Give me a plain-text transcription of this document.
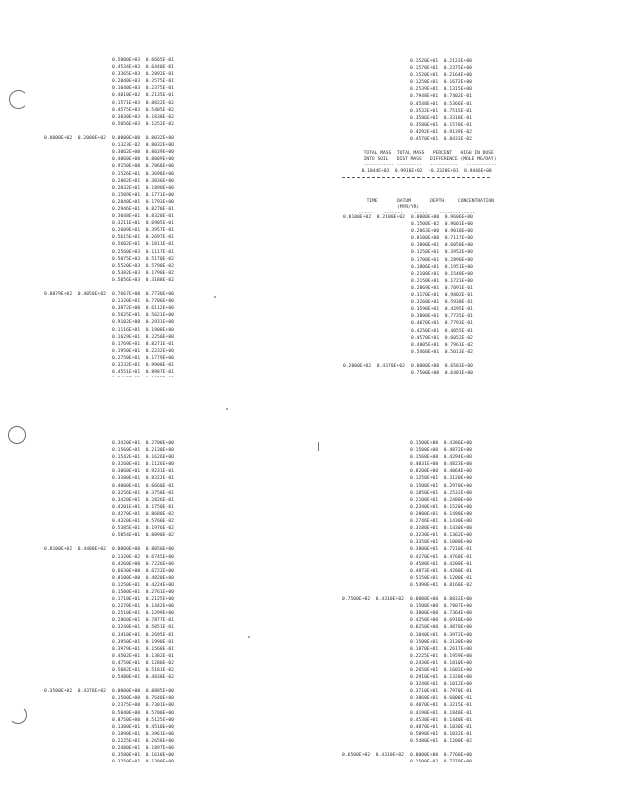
0.5000E+03  0.6665E-01
0.4534E+03  0.6440E-01
0.3365E+03  0.2892E-01
0.2040E+03  0.2575E-01
0.1040E+03  0.2375E-01
0.4010E+02  0.2135E-01
0.1571E+03  0.8822E-02
0.4575E+03  0.5405E-02
0.3030E+03  0.1830E-02
0.5056E+03  0.1252E-02
0.8000E+02  0.2000E+02 0.0000E+00  0.8032E+00
0.1323E-02  0.8032E+00
0.3062E+00  0.8039E+00
0.4060E+00  0.8009E+00
0.9150E+00  0.7868E+00
0.1526E+01  0.3698E+00
0.2002E+01  0.3036E+00
0.2032E+01  0.1890E+00
0.1509E+01  0.1771E+00
0.2040E+01  0.1793E+00
0.2946E+01  0.8270E-01
0.3048E+01  0.8320E-01
0.3211E+01  0.6905E-01
0.2609E+01  0.3957E-01
0.5615E+01  0.2697E-01
0.5602E+01  0.1811E-01
0.2560E+03  0.1117E-01
0.5075E+03  0.5170E-02
0.5520E+03  0.5790E-02
0.5382E+03  0.1790E-02
0.5056E+03  0.3188E-02
0.8079E+02  0.4050E+02 0.7667E+00  0.7730E+00
0.1320E+01  0.7706E+00
0.3872E+00  0.6112E+00
0.5625E+01  0.5621E+00
0.9102E+00  0.2931E+00
0.1116E+01  0.1908E+00
0.1629E+01  0.2250E+00
0.1769E+01  0.8271E-01
0.1950E+01  0.2232E+00
0.2750E+01  0.1779E+00
0.3232E+01  0.9900E-01
0.4551E+01  0.8987E-01
0.1520E+01  0.2122E+00
0.1570E+01  0.2375E+00
0.1520E+01  0.2164E+00
0.1250E+01  0.1672E+00
0.2539E+01  0.1315E+00
0.7948E+01  0.7402E-01
0.4548E+01  0.5366E-01
0.3532E+01  0.7515E-01
0.3586E+01  0.3318E-01
0.3580E+01  0.1570E-01
0.4292E+01  0.9139E-02
0.4570E+01  0.8433E-02

TOTAL MASS TOTAL MASS PERCENT HIGH IN DOSE

INTO SOIL DIST MASS DIFFERENCE (MOLE MG/DAY)

----------- --------- ---------- -----------

0.1044E+03 0.9916E+02 -0.3320E+01 0.9446E+00

TIME	DATUM	DEPTH	CONCENTRATION

(MYR/YR)

----- ------- ----- -------------

0.8100E+02  0.2100E+02 0.0000E+00  0.9606E+00
0.1500E-02  0.9601E+00
0.2063E+00  0.9010E+00
0.8100E+00  0.7117E+00
0.1000E+01  0.6050E+00
0.1250E+01  0.3952E+00
0.1700E+01  0.2890E+00
0.1806E+01  0.1951E+00
0.2100E+01  0.1540E+00
0.2150E+01  0.1721E+00
0.2869E+01  0.7091E-01
0.3170E+01  0.9802E-01
0.3260E+01  0.5930E-01
0.3590E+01  0.4295E-01
0.3800E+01  0.7735E-01
0.4070E+01  0.7793E-01
0.4250E+01  0.4055E-01
0.4570E+01  0.6052E-02
0.4805E+01  0.7961E-02
0.5460E+01  0.5013E-02
0.2000E+02  0.4370E+02 0.0000E+00  0.6583E+00
0.7500E+00  0.6401E+00
0.3420E+01  0.2700E+00
0.1560E+01  0.2130E+00
0.1542E+01  0.1626E+00
0.3260E+01  0.1126E+00
0.3060E+01  0.9231E-01
0.3380E+01  0.8322E-01
0.4000E+01  0.6660E-01
0.3256E+01  0.3750E-01
0.3420E+01  0.2826E-01
0.4201E+01  0.1750E-01
0.4270E+01  0.8680E-02
0.4320E+01  0.5760E-02
0.5385E+01  0.1976E-02
0.5054E+01  0.8890E-02
0.8100E+02  0.4480E+02 0.0000E+00  0.8050E+00
0.1320E-02  0.6745E+00
0.4260E+00  0.7226E+00
0.6630E+00  0.6722E+00
0.8100E+00  0.4820E+00
0.1250E+01  0.4224E+00
0.1500E+01  0.2761E+00
0.1710E+01  0.2125E+00
0.2270E+01  0.1442E+00
0.2510E+01  0.1299E+00
0.2860E+01  0.7877E-01
0.3240E+01  0.5051E-01
0.3410E+01  0.2695E-01
0.3950E+01  0.1990E-01
0.3979E+01  0.1560E-01
0.4502E+01  0.1382E-01
0.4750E+01  0.1280E-02
0.5082E+01  0.5181E-02
0.5480E+01  0.4830E-02
0.3500E+02  0.4378E+02 0.0000E+00  0.8885E+00
0.1500E+00  0.7640E+00
0.2375E+00  0.7301E+00
0.5840E+00  0.5700E+00
0.8750E+00  0.5125E+00
0.1300E+01  0.4510E+00
0.1890E+01  0.3961E+00
0.2225E+01  0.2658E+00
0.2480E+01  0.1897E+00
0.3580E+01  0.1610E+00
0.1500E+00  0.4386E+00
0.1500E+00  0.4872E+00
0.1560E+00  0.4294E+00
0.4031E+00  0.4823E+00
0.8200E+00  0.4064E+00
0.1250E+01  0.3120E+00
0.1500E+01  0.2970E+00
0.1850E+01  0.2532E+00
0.2100E+01  0.2480E+00
0.2340E+01  0.1520E+00
0.2800E+01  0.1490E+00
0.2746E+01  0.1430E+00
0.3180E+01  0.1430E+00
0.3230E+01  0.1362E+00
0.3350E+01  0.1080E+00
0.3800E+01  0.7210E-01
0.4270E+01  0.4760E-01
0.4580E+01  0.4200E-01
0.4873E+01  0.4280E-01
0.5150E+01  0.1200E-01
0.5490E+01  0.8160E-02
0.7500E+02  0.4310E+02 0.0000E+00  0.8832E+00
0.1500E+00  0.7807E+00
0.3000E+00  0.7364E+00
0.4250E+00  0.6910E+00
0.8250E+00  0.4870E+00
0.1040E+01  0.3972E+00
0.1500E+01  0.3130E+00
0.1870E+01  0.2617E+00
0.2225E+01  0.1959E+00
0.2430E+01  0.1810E+00
0.2650E+01  0.1602E+00
0.2910E+01  0.1320E+00
0.3240E+01  0.1012E+00
0.3710E+01  0.7970E-01
0.3860E+01  0.6800E-01
0.4070E+01  0.3215E-01
0.4190E+01  0.1840E-01
0.4530E+01  0.1440E-01
0.4870E+01  0.1030E-01
0.5090E+01  0.1032E-01
0.5480E+01  0.1200E-02
0.6500E+02  0.4310E+02 0.0000E+00  0.7760E+00
